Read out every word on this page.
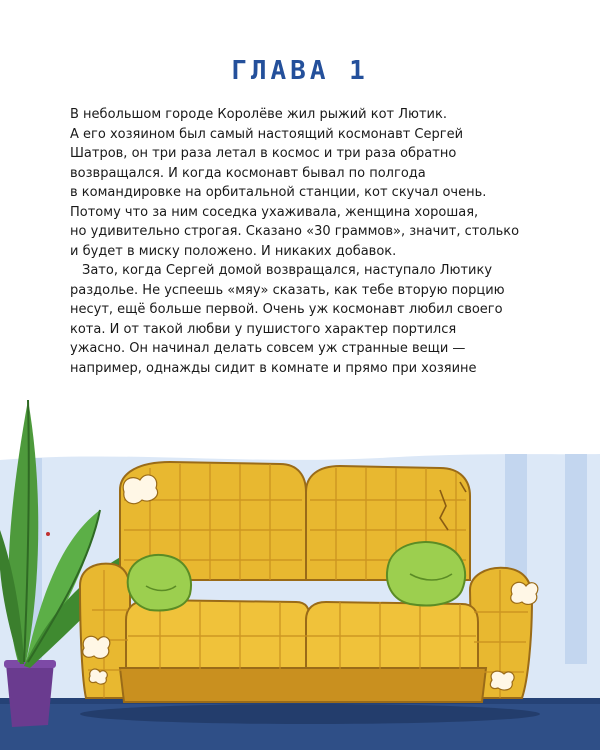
ГЛАВА 1
В небольшом городе Королёве жил рыжий кот Лютик.
А его хозяином был самый настоящий космонавт Сергей
Шатров, он три раза летал в космос и три раза обратно
возвращался. И когда космонавт бывал по полгода
в командировке на орбитальной станции, кот скучал очень.
Потому что за ним соседка ухаживала, женщина хорошая,
но удивительно строгая. Сказано «30 граммов», значит, столько
и будет в миску положено. И никаких добавок.
Зато, когда Сергей домой возвращался, наступало Лютику
раздолье. Не успеешь «мяу» сказать, как тебе вторую порцию
несут, ещё больше первой. Очень уж космонавт любил своего
кота. И от такой любви у пушистого характер портился
ужасно. Он начинал делать совсем уж странные вещи —
например, однажды сидит в комнате и прямо при хозяине
